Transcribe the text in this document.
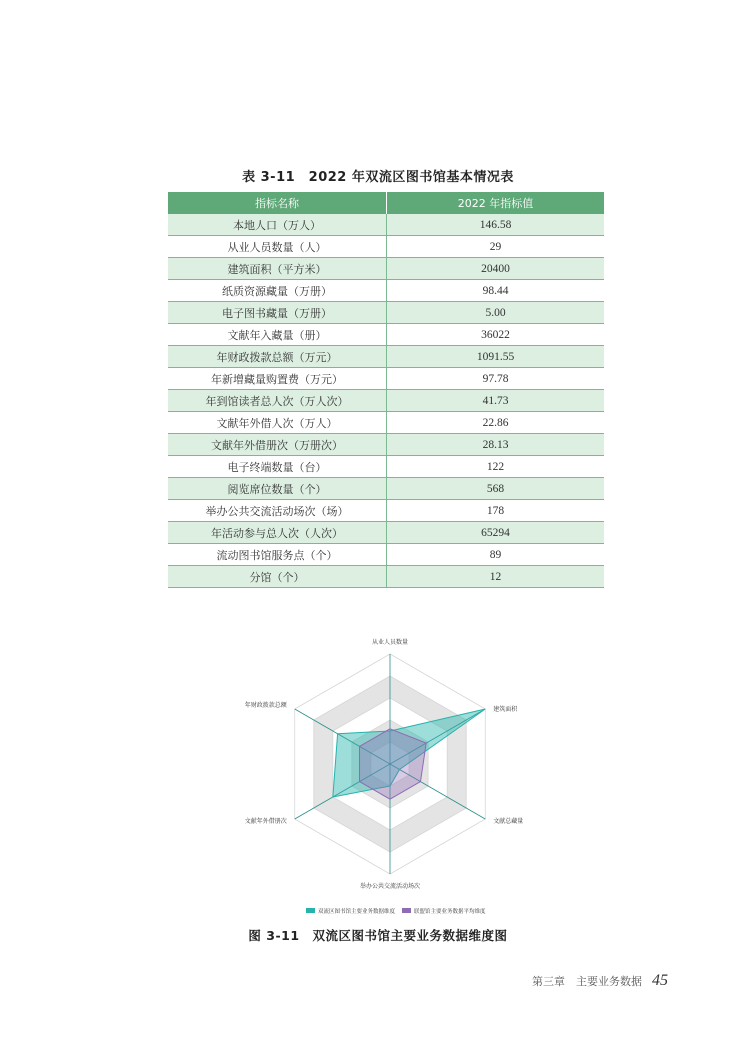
表 3-11　2022 年双流区图书馆基本情况表
指标名称	2022 年指标值
本地人口（万人）	146.58
从业人员数量（人）	29
建筑面积（平方米）	20400
纸质资源藏量（万册）	98.44
电子图书藏量（万册）	5.00
文献年入藏量（册）	36022
年财政拨款总额（万元）	1091.55
年新增藏量购置费（万元）	97.78
年到馆读者总人次（万人次）	41.73
文献年外借人次（万人）	22.86
文献年外借册次（万册次）	28.13
电子终端数量（台）	122
阅览席位数量（个）	568
举办公共交流活动场次（场）	178
年活动参与总人次（人次）	65294
流动图书馆服务点（个）	89
分馆（个）	12
从业人员数量
建筑面积
文献总藏量
举办公共交流活动场次
文献年外借册次
年财政拨款总额
双流区图书馆主要业务数据维度	联盟馆主要业务数据平均维度
图 3-11　双流区图书馆主要业务数据维度图
第三章　主要业务数据 45
